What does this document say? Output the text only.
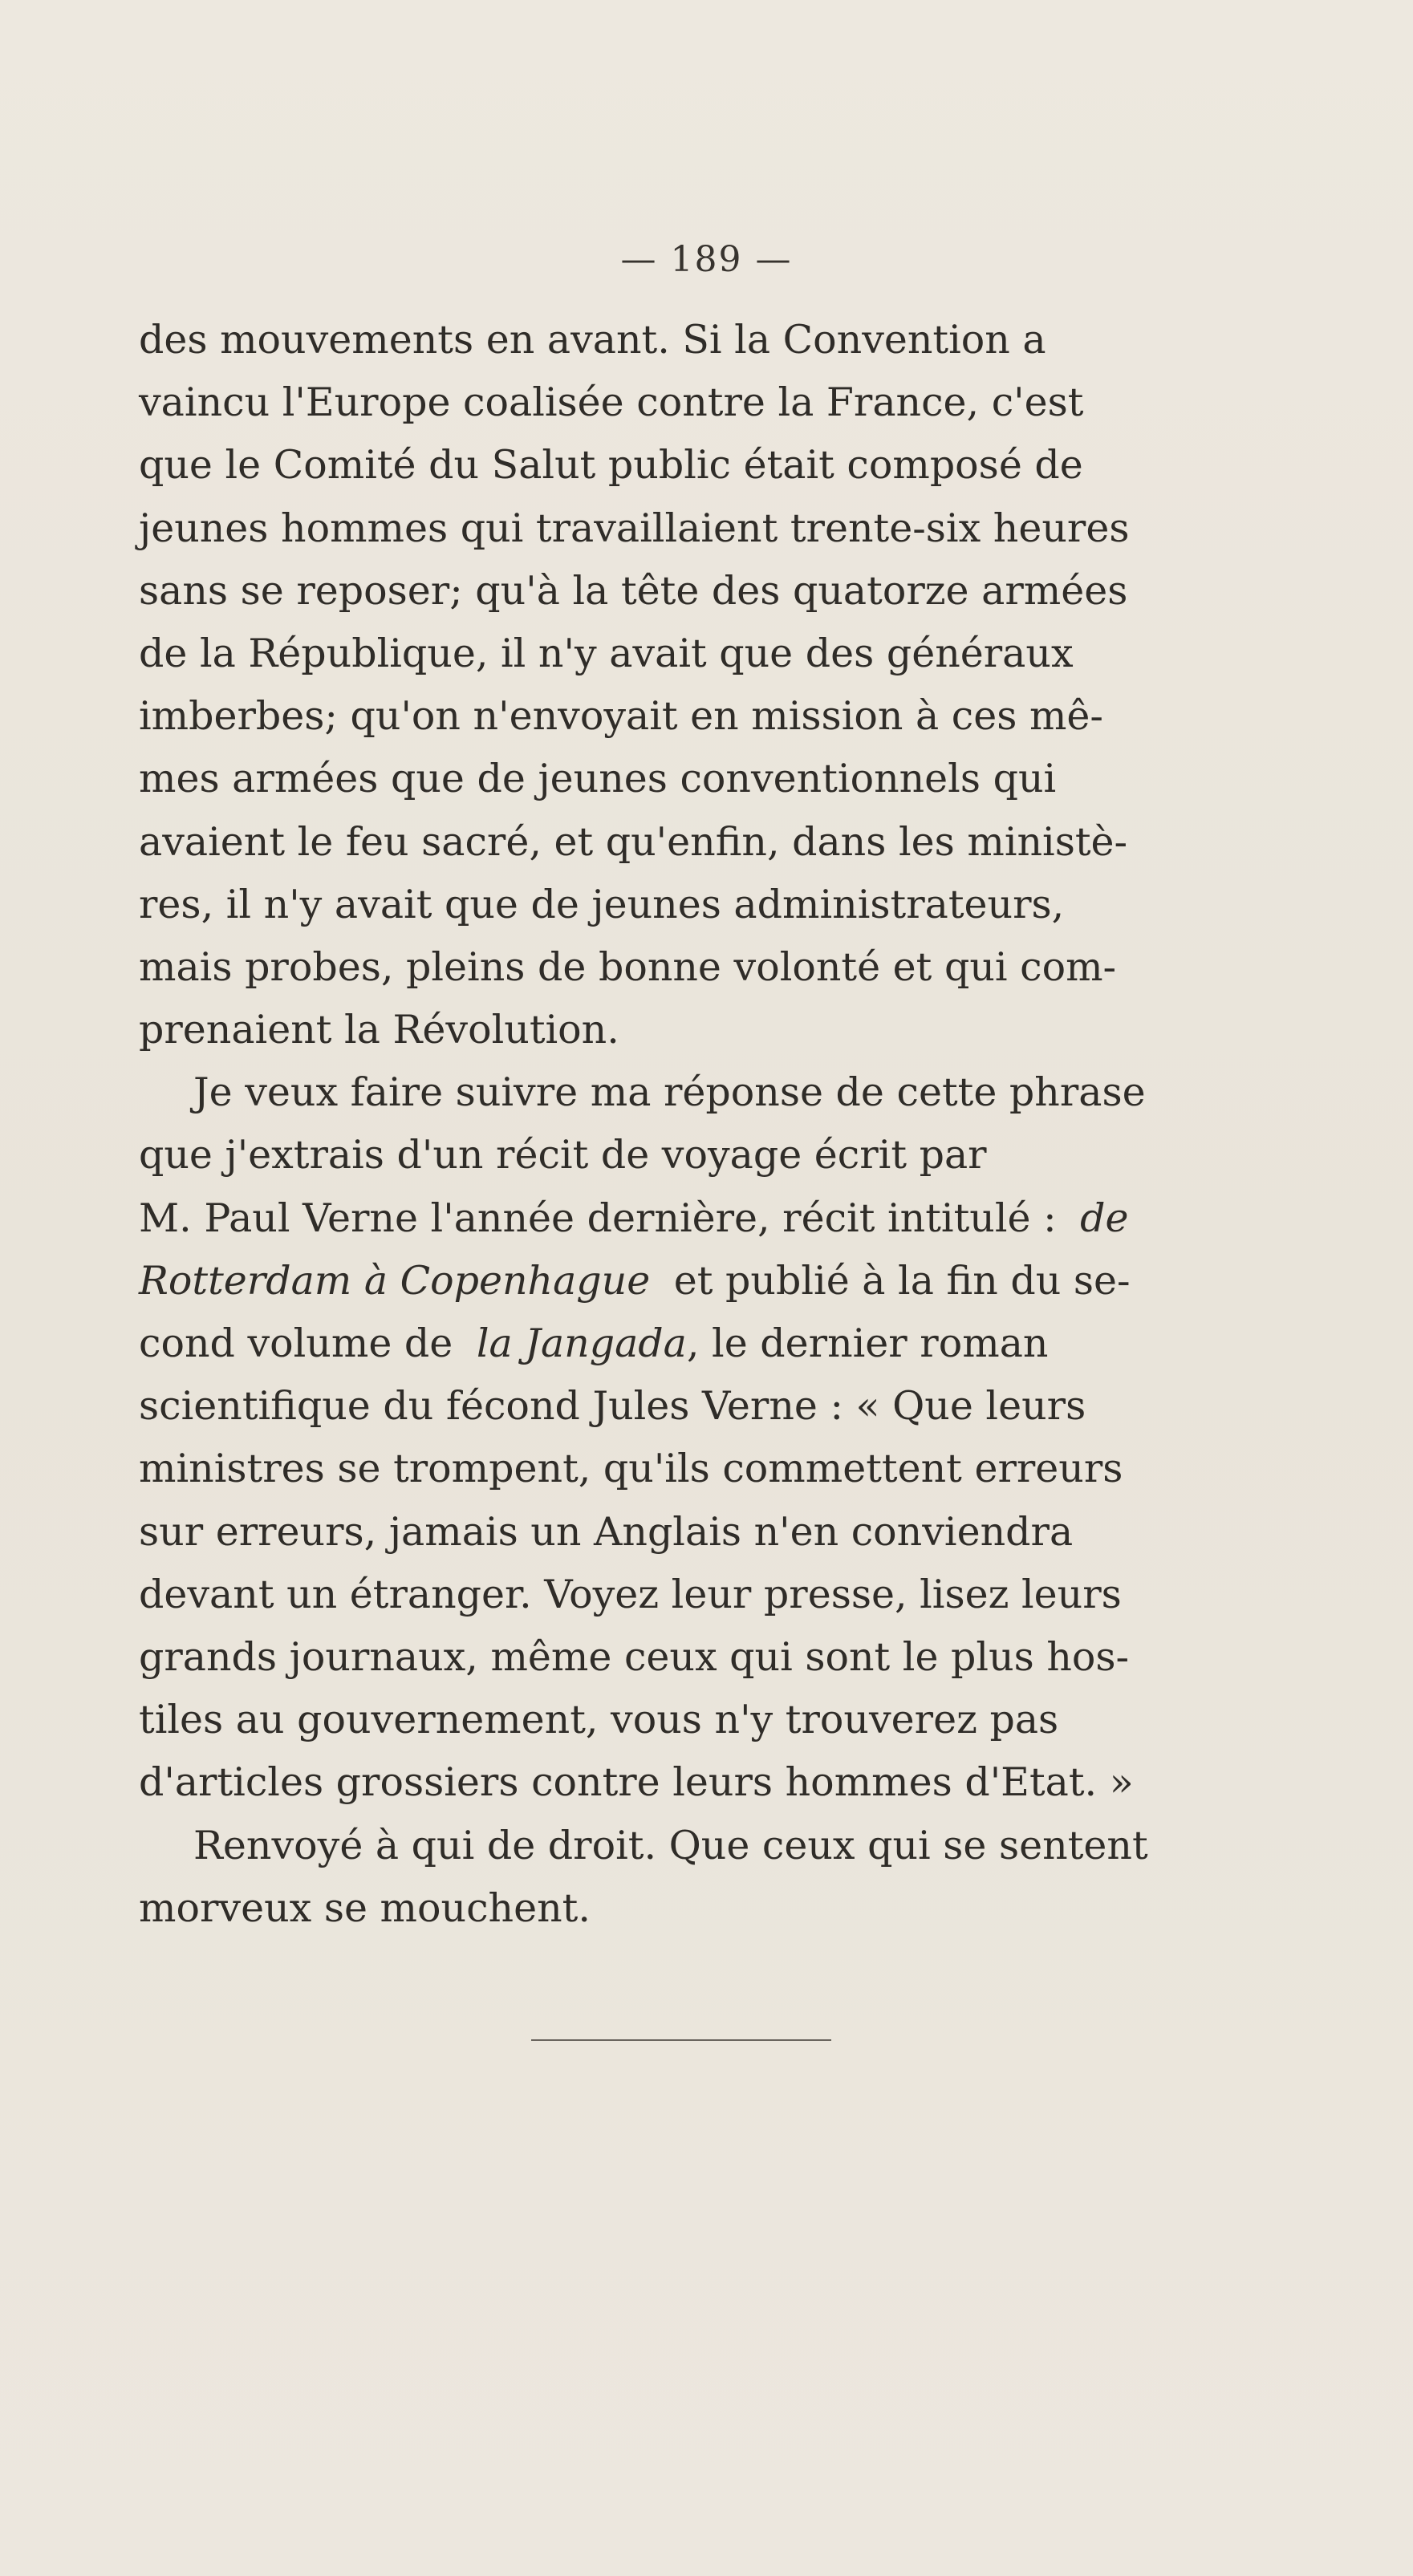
— 189 —
des mouvements en avant. Si la Convention a
vaincu l'Europe coalisée contre la France, c'est
que le Comité du Salut public était composé de
jeunes hommes qui travaillaient trente-six heures
sans se reposer; qu'à la tête des quatorze armées
de la République, il n'y avait que des généraux
imberbes; qu'on n'envoyait en mission à ces mê-
mes armées que de jeunes conventionnels qui
avaient le feu sacré, et qu'enfin, dans les ministè-
res, il n'y avait que de jeunes administrateurs,
mais probes, pleins de bonne volonté et qui com-
prenaient la Révolution.
Je veux faire suivre ma réponse de cette phrase
que j'extrais d'un récit de voyage écrit par
M. Paul Verne l'année dernière, récit intitulé : de
Rotterdam à Copenhague et publié à la fin du se-
cond volume de la Jangada, le dernier roman
scientifique du fécond Jules Verne : « Que leurs
ministres se trompent, qu'ils commettent erreurs
sur erreurs, jamais un Anglais n'en conviendra
devant un étranger. Voyez leur presse, lisez leurs
grands journaux, même ceux qui sont le plus hos-
tiles au gouvernement, vous n'y trouverez pas
d'articles grossiers contre leurs hommes d'Etat. »
Renvoyé à qui de droit. Que ceux qui se sentent
morveux se mouchent.
